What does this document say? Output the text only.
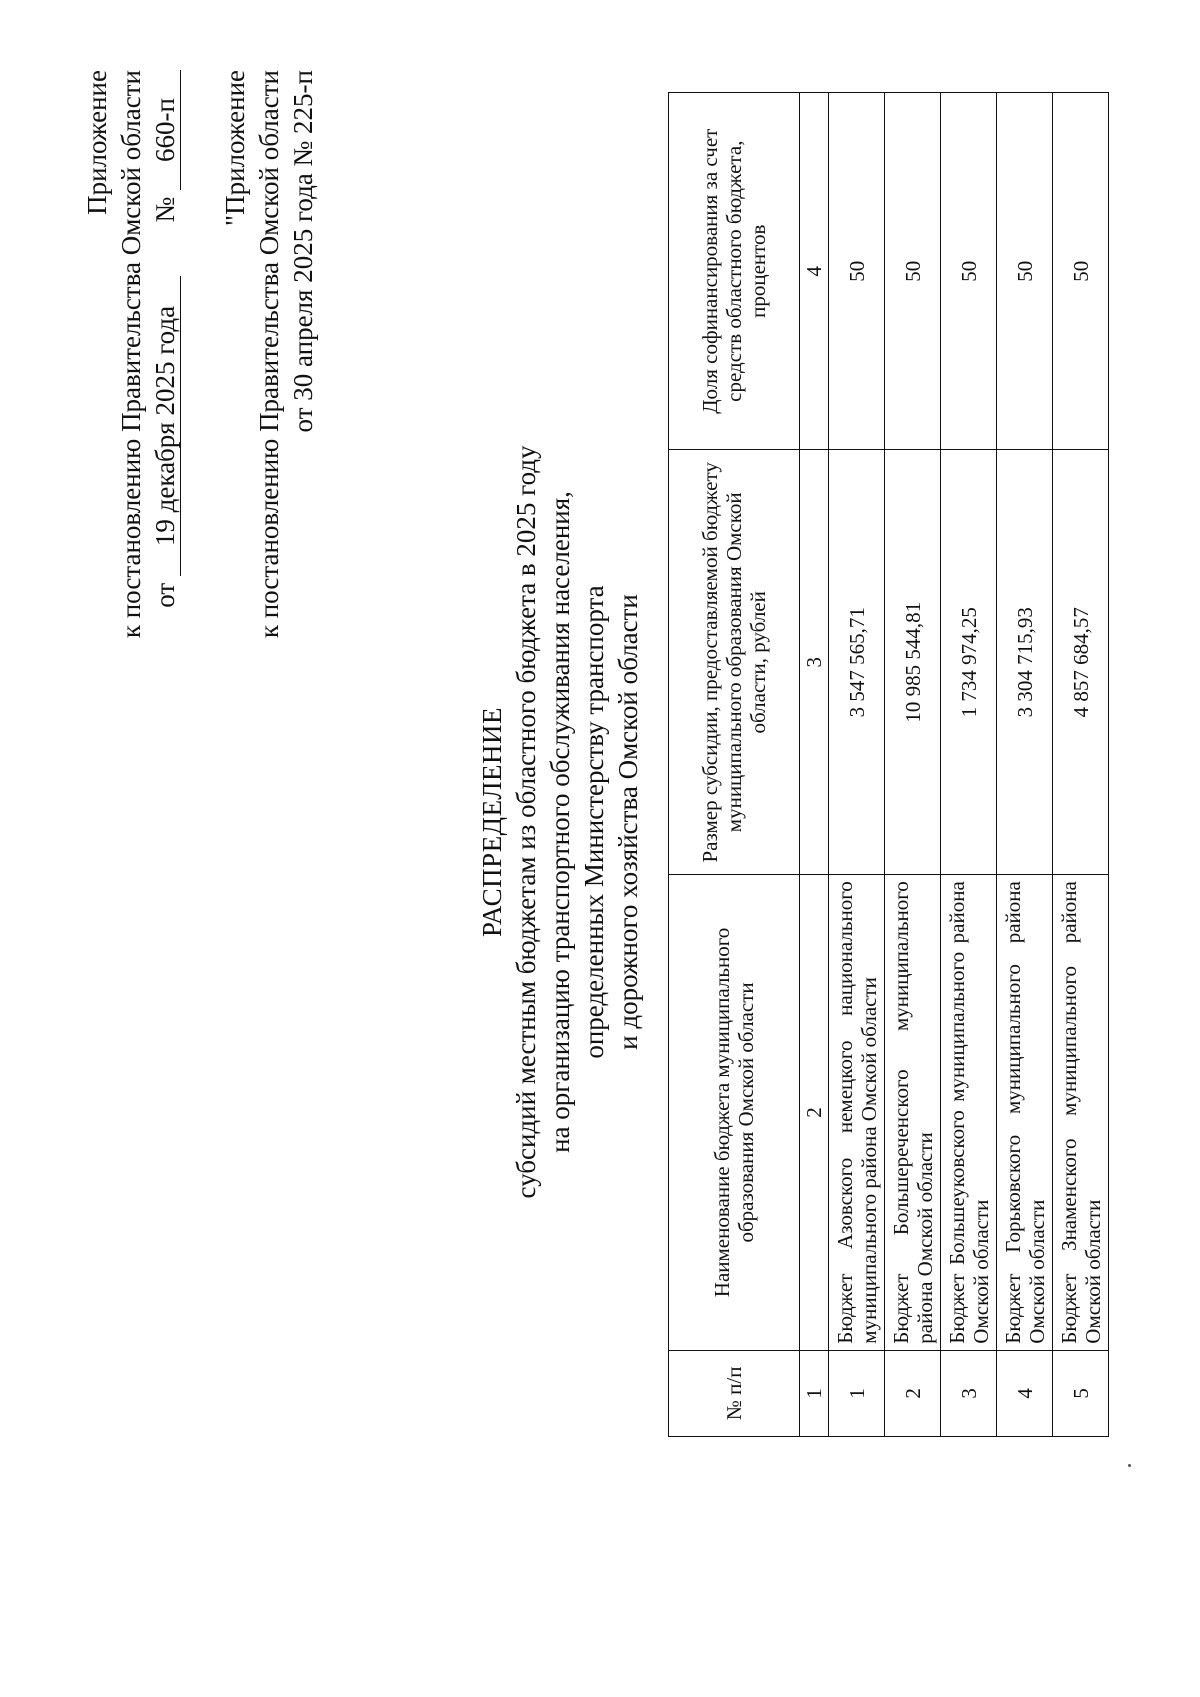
Приложение к постановлению Правительства Омской области от 19 декабря 2025 года  № 660-п "Приложение к постановлению Правительства Омской области от 30 апреля 2025 года № 225-п
РАСПРЕДЕЛЕНИЕ субсидий местным бюджетам из областного бюджета в 2025 году на организацию транспортного обслуживания населения, определенных Министерству транспорта и дорожного хозяйства Омской области
№ п/п	Наименование бюджета муниципального образования Омской области	Размер субсидии, предоставляемой бюджету муниципального образования Омской области, рублей	Доля софинансирования за счет средств областного бюджета, процентов
1	2	3	4
1	Бюджет Азовского немецкого национального муниципального района Омской области	3 547 565,71	50
2	Бюджет Большереченского муниципального района Омской области	10 985 544,81	50
3	Бюджет Большеуковского муниципального района Омской области	1 734 974,25	50
4	Бюджет Горьковского муниципального района Омской области	3 304 715,93	50
5	Бюджет Знаменского муниципального района Омской области	4 857 684,57	50
